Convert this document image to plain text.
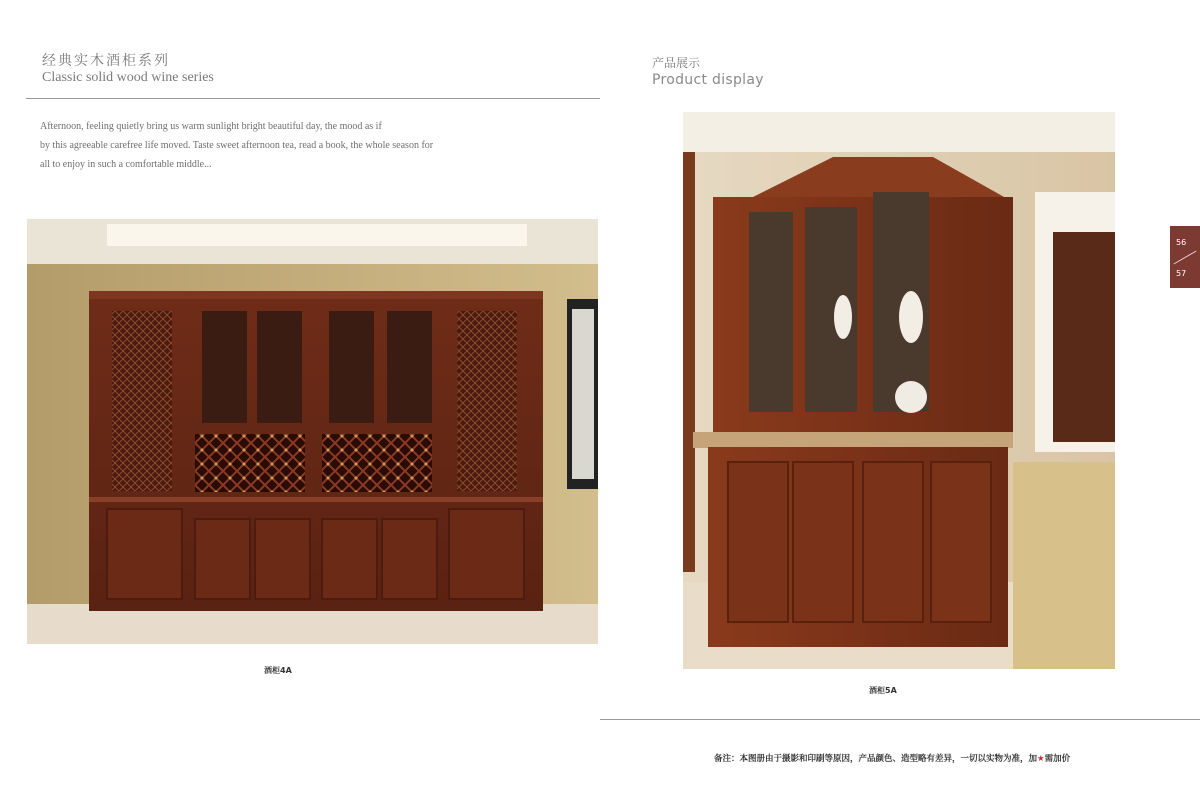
经典实木酒柜系列
Classic solid wood wine series
Afternoon, feeling quietly bring us warm sunlight bright beautiful day, the mood as if
by this agreeable carefree life moved. Taste sweet afternoon tea, read a book, the whole season for
all to enjoy in such a comfortable middle...
酒柜4A
产品展示
Product display
酒柜5A
56
57
备注：本图册由于摄影和印刷等原因，产品颜色、造型略有差异，一切以实物为准，加★需加价
